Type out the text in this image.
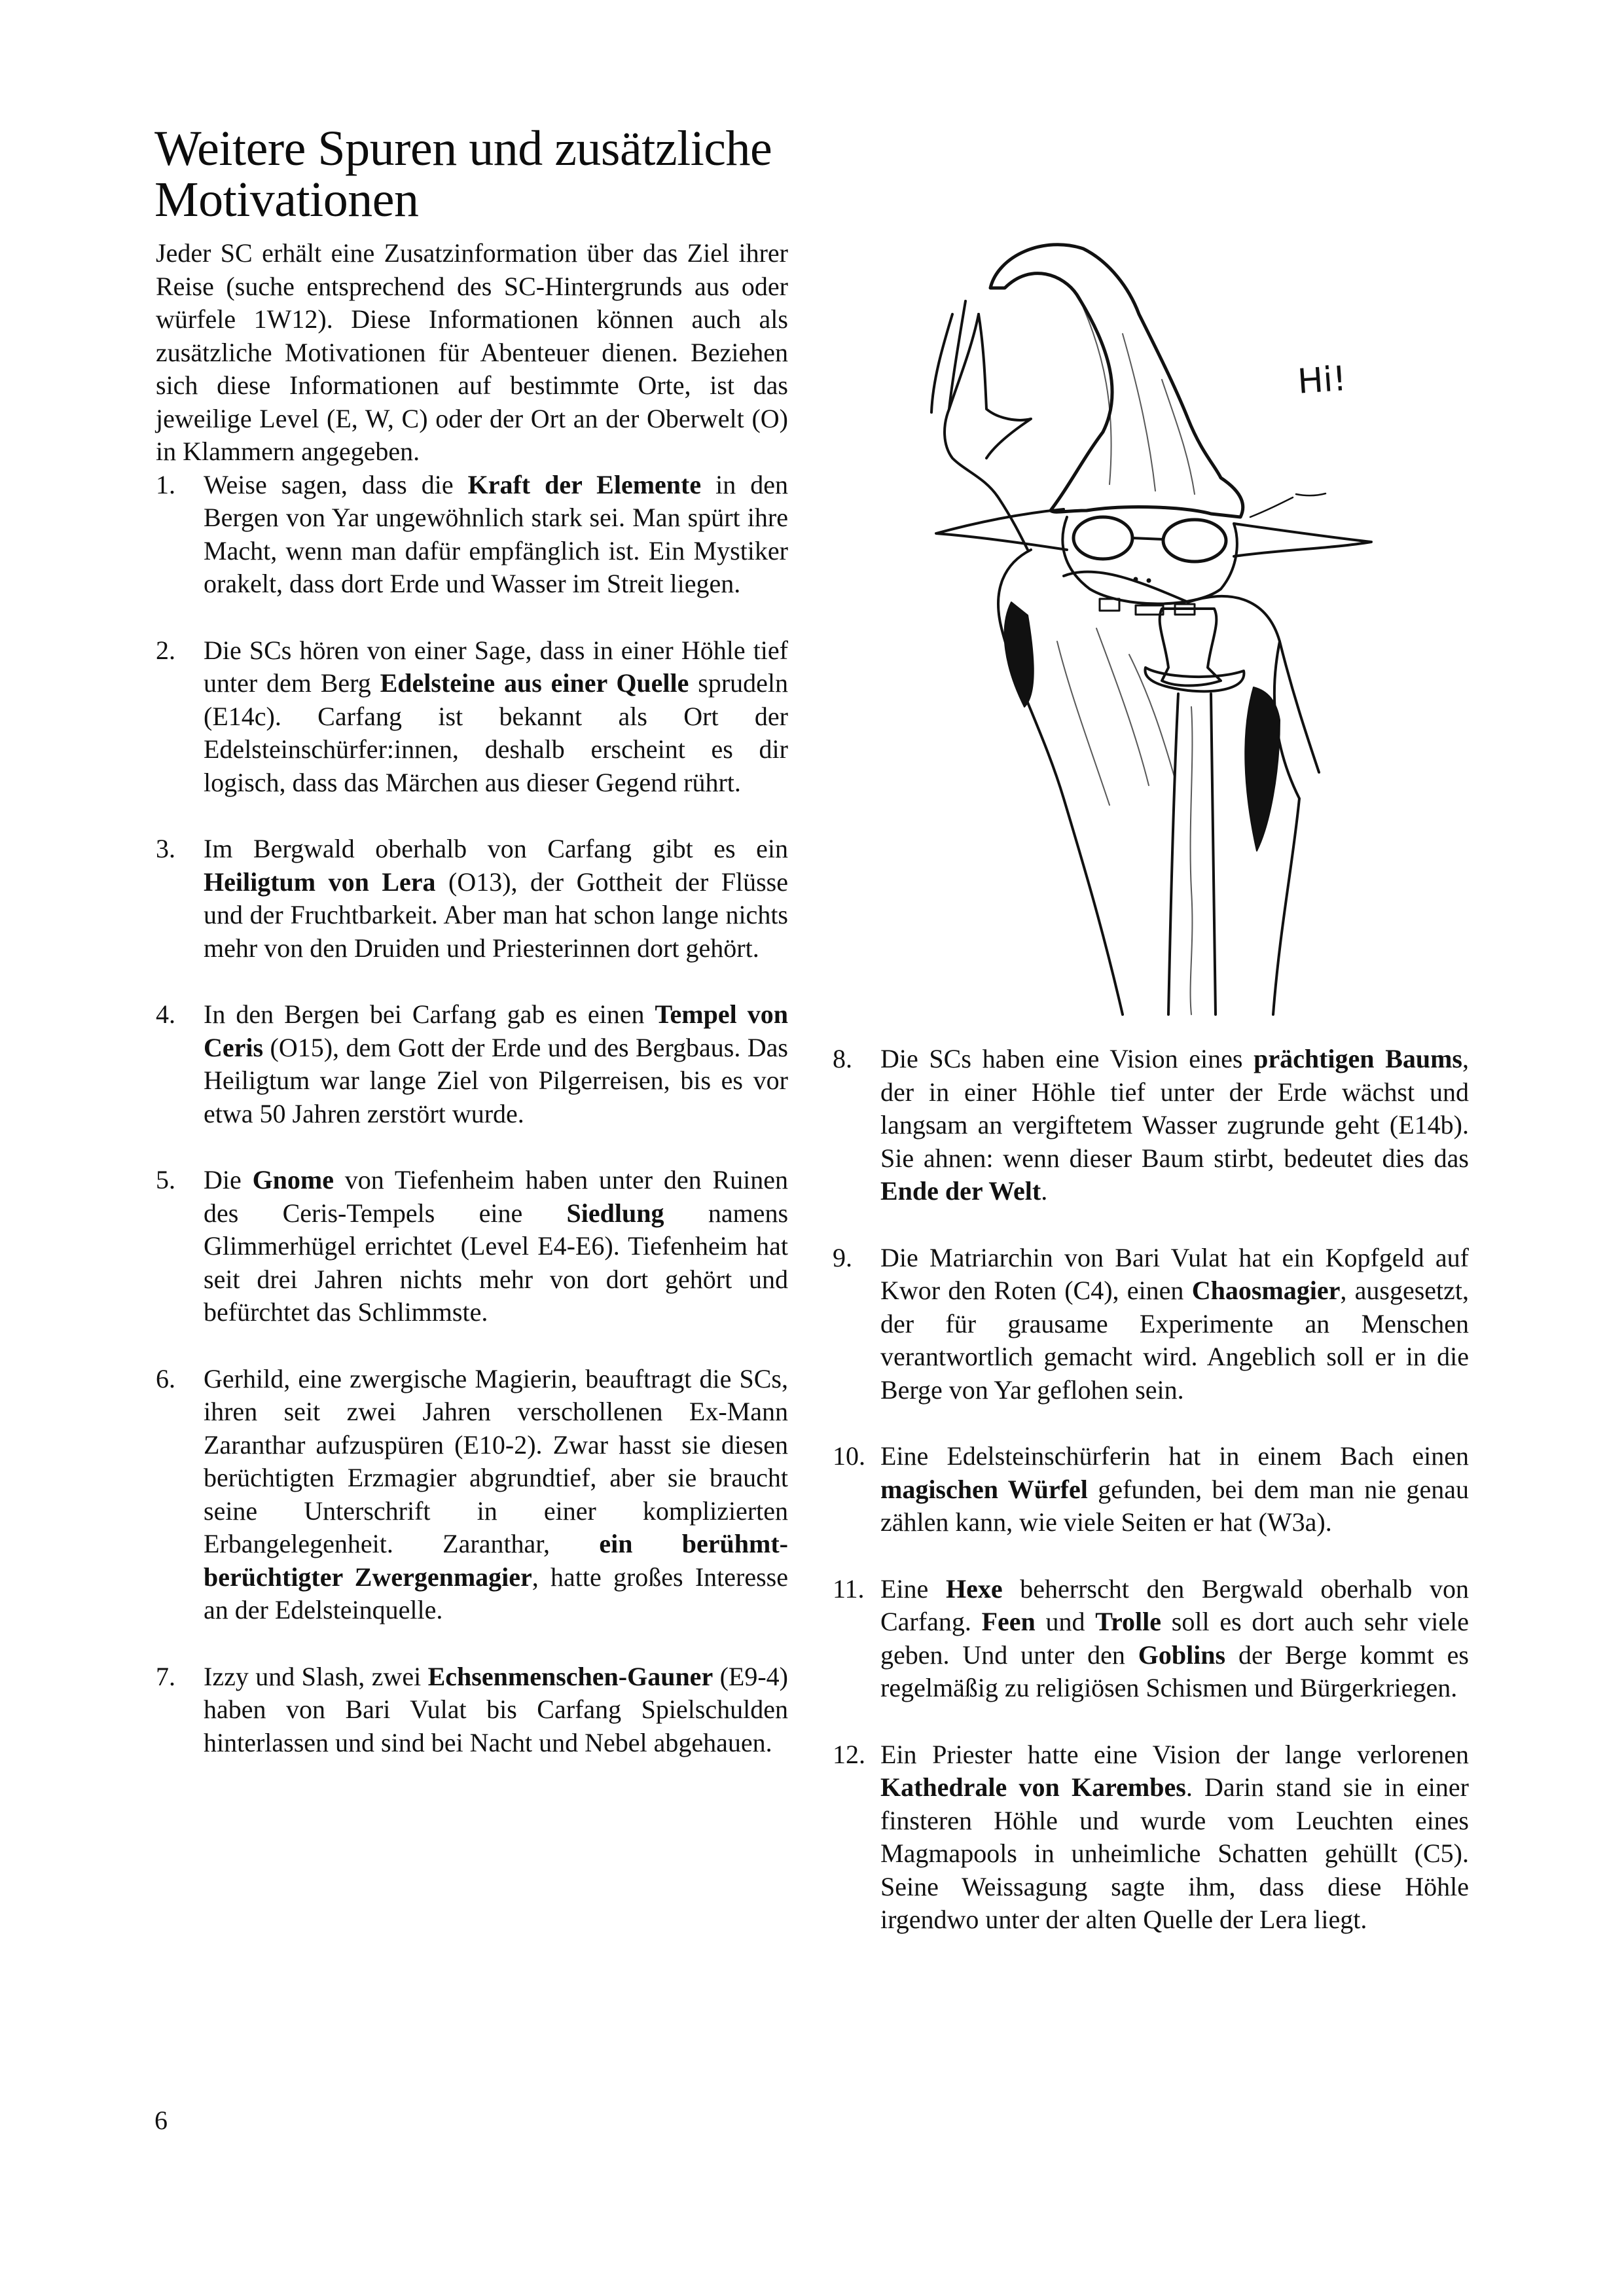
Weitere Spuren und zusätzliche Motivationen

Jeder SC erhält eine Zusatzinformation über das Ziel ihrer Reise (suche entsprechend des SC-Hintergrunds aus oder würfele 1W12). Diese Informationen können auch als zusätzliche Motivationen für Abenteuer dienen. Beziehen sich diese Informationen auf bestimmte Orte, ist das jeweilige Level (E, W, C) oder der Ort an der Oberwelt (O) in Klammern angegeben.

1. Weise sagen, dass die Kraft der Elemente in den Bergen von Yar ungewöhnlich stark sei. Man spürt ihre Macht, wenn man dafür empfänglich ist. Ein Mystiker orakelt, dass dort Erde und Wasser im Streit liegen.
2. Die SCs hören von einer Sage, dass in einer Höhle tief unter dem Berg Edelsteine aus einer Quelle sprudeln (E14c). Carfang ist bekannt als Ort der Edelsteinschürfer:innen, deshalb erscheint es dir logisch, dass das Märchen aus dieser Gegend rührt.
3. Im Bergwald oberhalb von Carfang gibt es ein Heiligtum von Lera (O13), der Gottheit der Flüsse und der Fruchtbarkeit. Aber man hat schon lange nichts mehr von den Druiden und Priesterinnen dort gehört.
4. In den Bergen bei Carfang gab es einen Tempel von Ceris (O15), dem Gott der Erde und des Bergbaus. Das Heiligtum war lange Ziel von Pilgerreisen, bis es vor etwa 50 Jahren zerstört wurde.
5. Die Gnome von Tiefenheim haben unter den Ruinen des Ceris-Tempels eine Siedlung namens Glimmerhügel errichtet (Level E4-E6). Tiefenheim hat seit drei Jahren nichts mehr von dort gehört und befürchtet das Schlimmste.
6. Gerhild, eine zwergische Magierin, beauftragt die SCs, ihren seit zwei Jahren verschollenen Ex-Mann Zaranthar aufzuspüren (E10-2). Zwar hasst sie diesen berüchtigten Erzmagier abgrundtief, aber sie braucht seine Unterschrift in einer komplizierten Erbangelegenheit. Zaranthar, ein berühmt-berüchtigter Zwergenmagier, hatte großes Interesse an der Edelsteinquelle.
7. Izzy und Slash, zwei Echsenmenschen-Gauner (E9-4) haben von Bari Vulat bis Carfang Spielschulden hinterlassen und sind bei Nacht und Nebel abgehauen.
Hi!
8. Die SCs haben eine Vision eines prächtigen Baums, der in einer Höhle tief unter der Erde wächst und langsam an vergiftetem Wasser zugrunde geht (E14b). Sie ahnen: wenn dieser Baum stirbt, bedeutet dies das Ende der Welt.
9. Die Matriarchin von Bari Vulat hat ein Kopfgeld auf Kwor den Roten (C4), einen Chaosmagier, ausgesetzt, der für grausame Experimente an Menschen verantwortlich gemacht wird. Angeblich soll er in die Berge von Yar geflohen sein.
10. Eine Edelsteinschürferin hat in einem Bach einen magischen Würfel gefunden, bei dem man nie genau zählen kann, wie viele Seiten er hat (W3a).
11. Eine Hexe beherrscht den Bergwald oberhalb von Carfang. Feen und Trolle soll es dort auch sehr viele geben. Und unter den Goblins der Berge kommt es regelmäßig zu religiösen Schismen und Bürgerkriegen.
12. Ein Priester hatte eine Vision der lange verlorenen Kathedrale von Karembes. Darin stand sie in einer finsteren Höhle und wurde vom Leuchten eines Magmapools in unheimliche Schatten gehüllt (C5). Seine Weissagung sagte ihm, dass diese Höhle irgendwo unter der alten Quelle der Lera liegt.
6
